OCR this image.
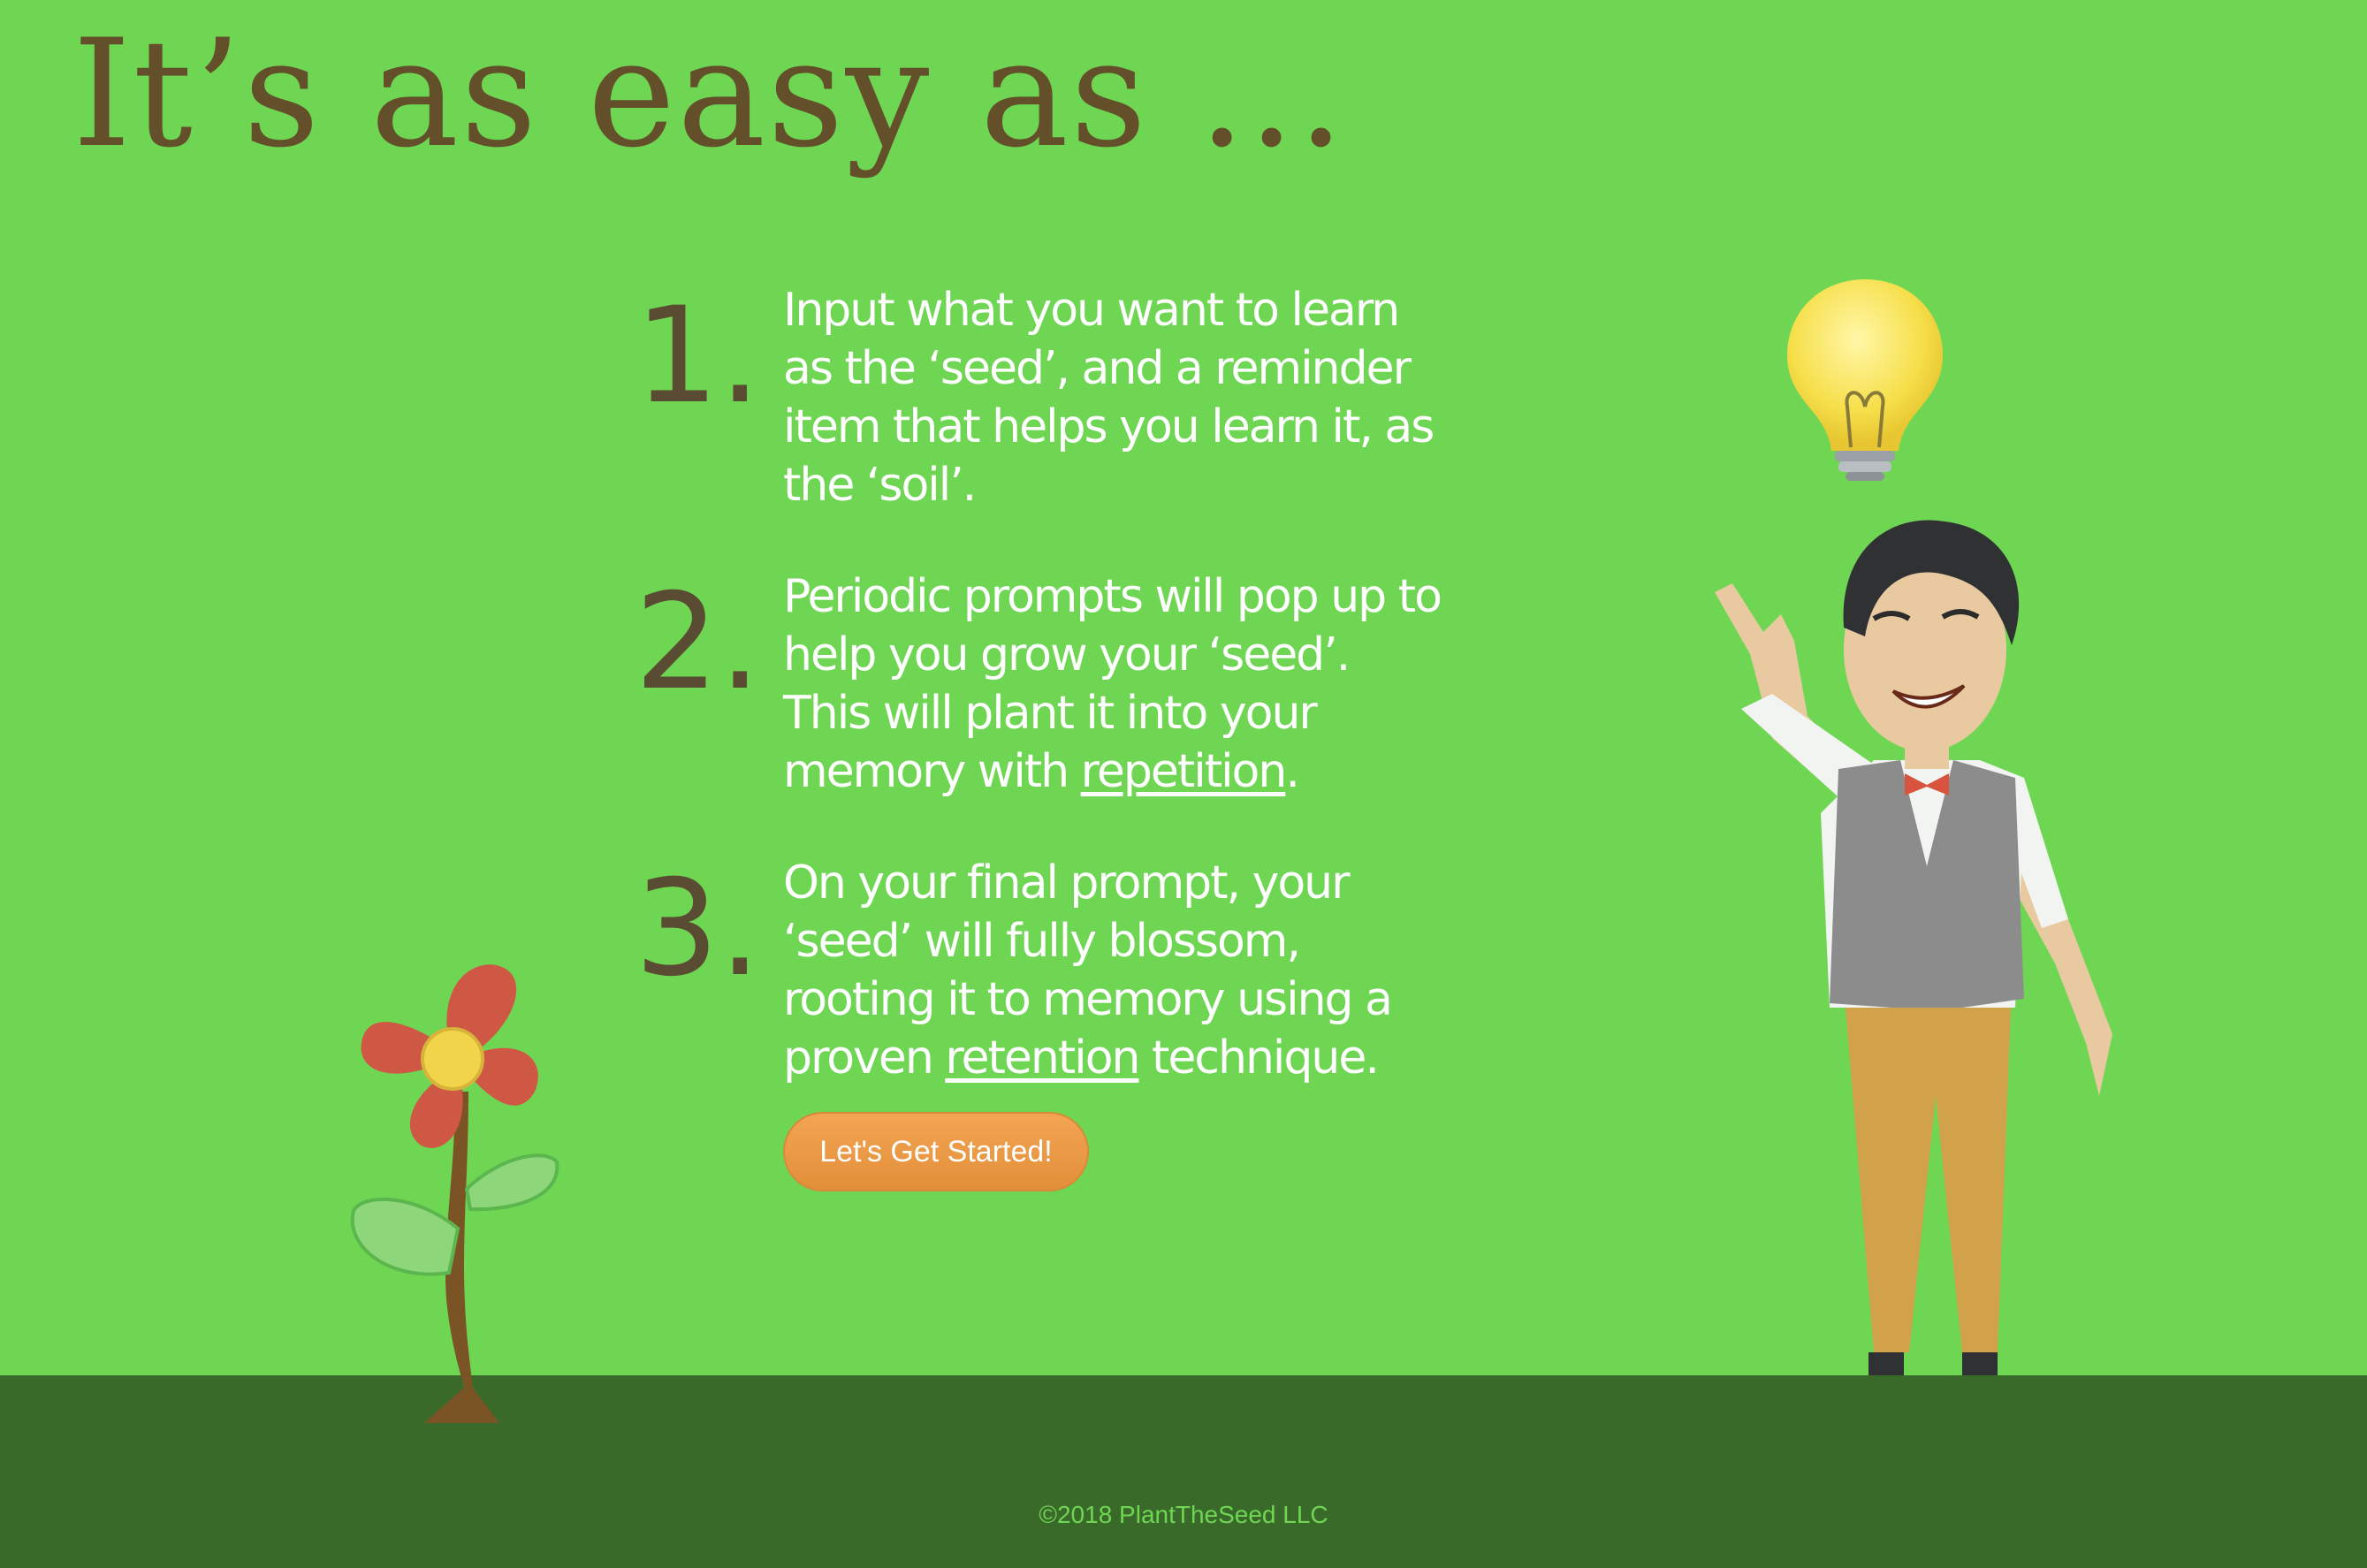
It’s as easy as …
1. Input what you want to learn as the ‘seed’, and a reminder item that helps you learn it, as the ‘soil’.
2. Periodic prompts will pop up to help you grow your ‘seed’. This will plant it into your memory with repetition.
3. On your final prompt, your ‘seed’ will fully blossom, rooting it to memory using a proven retention technique.
Let's Get Started!
©2018 PlantTheSeed LLC
